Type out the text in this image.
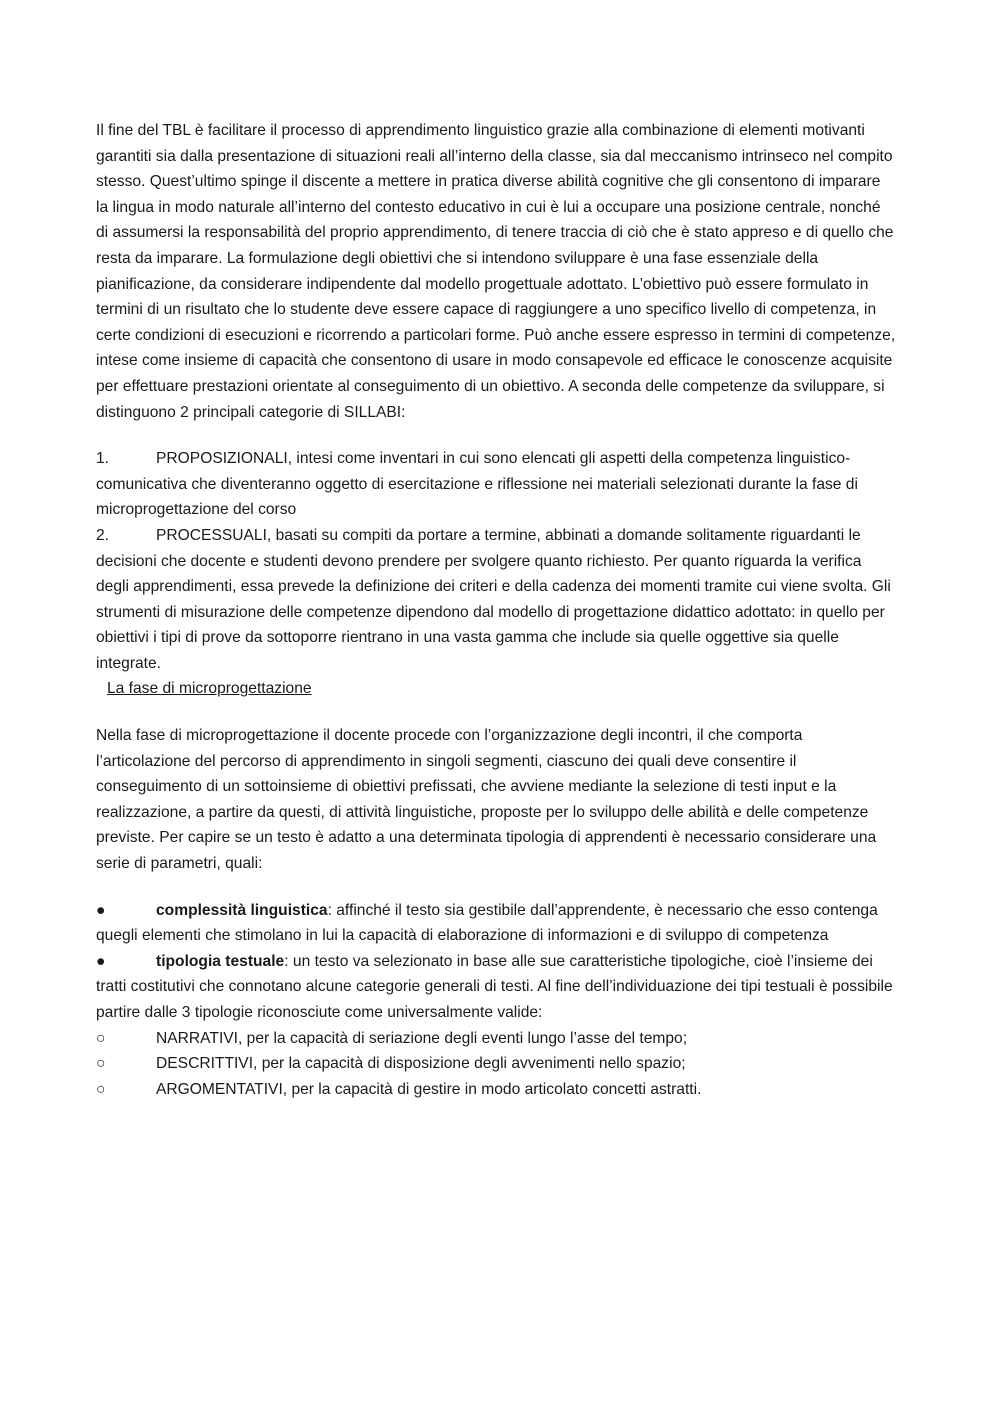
Il fine del TBL è facilitare il processo di apprendimento linguistico grazie alla combinazione di elementi motivanti garantiti sia dalla presentazione di situazioni reali all’interno della classe, sia dal meccanismo intrinseco nel compito stesso. Quest’ultimo spinge il discente a mettere in pratica diverse abilità cognitive che gli consentono di imparare la lingua in modo naturale all’interno del contesto educativo in cui è lui a occupare una posizione centrale, nonché di assumersi la responsabilità del proprio apprendimento, di tenere traccia di ciò che è stato appreso e di quello che resta da imparare. La formulazione degli obiettivi che si intendono sviluppare è una fase essenziale della pianificazione, da considerare indipendente dal modello progettuale adottato. L’obiettivo può essere formulato in termini di un risultato che lo studente deve essere capace di raggiungere a uno specifico livello di competenza, in certe condizioni di esecuzioni e ricorrendo a particolari forme. Può anche essere espresso in termini di competenze, intese come insieme di capacità che consentono di usare in modo consapevole ed efficace le conoscenze acquisite per effettuare prestazioni orientate al conseguimento di un obiettivo. A seconda delle competenze da sviluppare, si distinguono 2 principali categorie di SILLABI:

1.	PROPOSIZIONALI, intesi come inventari in cui sono elencati gli aspetti della competenza linguistico-comunicativa che diventeranno oggetto di esercitazione e riflessione nei materiali selezionati durante la fase di microprogettazione del corso

2.	PROCESSUALI, basati su compiti da portare a termine, abbinati a domande solitamente riguardanti le decisioni che docente e studenti devono prendere per svolgere quanto richiesto. Per quanto riguarda la verifica degli apprendimenti, essa prevede la definizione dei criteri e della cadenza dei momenti tramite cui viene svolta. Gli strumenti di misurazione delle competenze dipendono dal modello di progettazione didattico adottato: in quello per obiettivi i tipi di prove da sottoporre rientrano in una vasta gamma che include sia quelle oggettive sia quelle integrate.

La fase di microprogettazione

Nella fase di microprogettazione il docente procede con l’organizzazione degli incontri, il che comporta l’articolazione del percorso di apprendimento in singoli segmenti, ciascuno dei quali deve consentire il conseguimento di un sottoinsieme di obiettivi prefissati, che avviene mediante la selezione di testi input e la realizzazione, a partire da questi, di attività linguistiche, proposte per lo sviluppo delle abilità e delle competenze previste. Per capire se un testo è adatto a una determinata tipologia di apprendenti è necessario considerare una serie di parametri, quali:

●	complessità linguistica: affinché il testo sia gestibile dall’apprendente, è necessario che esso contenga quegli elementi che stimolano in lui la capacità di elaborazione di informazioni e di sviluppo di competenza

●	tipologia testuale: un testo va selezionato in base alle sue caratteristiche tipologiche, cioè l’insieme dei tratti costitutivi che connotano alcune categorie generali di testi. Al fine dell’individuazione dei tipi testuali è possibile partire dalle 3 tipologie riconosciute come universalmente valide:

○	NARRATIVI, per la capacità di seriazione degli eventi lungo l’asse del tempo;

○	DESCRITTIVI, per la capacità di disposizione degli avvenimenti nello spazio;

○	ARGOMENTATIVI, per la capacità di gestire in modo articolato concetti astratti.
